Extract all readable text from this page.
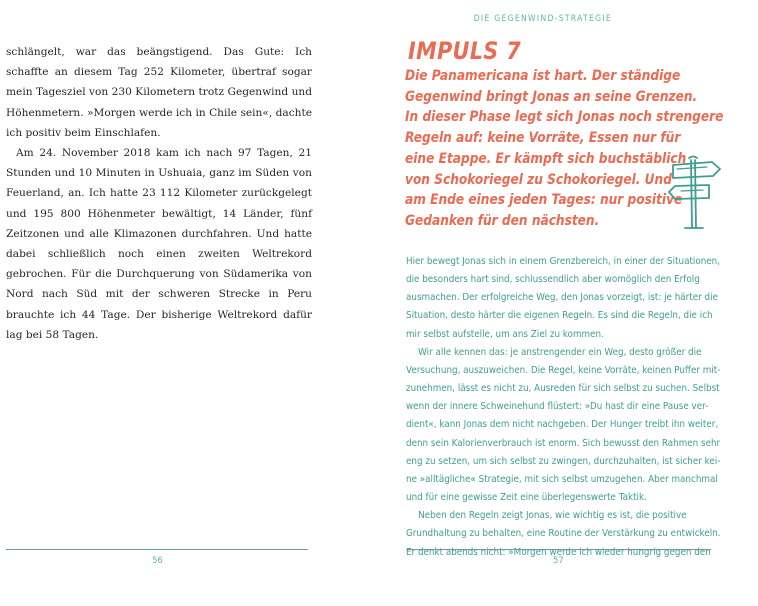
DIE GEGENWIND-STRATEGIE

schlängelt, war das beängstigend. Das Gute: Ich schaffte an diesem Tag 252 Kilometer, übertraf sogar mein Tagesziel von 230 Kilometern trotz Gegenwind und Höhenmetern. »Morgen werde ich in Chile sein«, dachte ich positiv beim Einschlafen.

Am 24. November 2018 kam ich nach 97 Tagen, 21 Stunden und 10 Minuten in Ushuaia, ganz im Süden von Feuerland, an. Ich hatte 23 112 Kilometer zurückgelegt und 195 800 Höhenmeter bewältigt, 14 Länder, fünf Zeitzonen und alle Klimazonen durchfahren. Und hatte dabei schließlich noch einen zweiten Weltrekord gebrochen. Für die Durchquerung von Südamerika von Nord nach Süd mit der schweren Strecke in Peru brauchte ich 44 Tage. Der bisherige Weltrekord dafür lag bei 58 Tagen.

IMPULS 7
Die Panamericana ist hart. Der ständige
Gegenwind bringt Jonas an seine Grenzen.
In dieser Phase legt sich Jonas noch strengere
Regeln auf: keine Vorräte, Essen nur für
eine Etappe. Er kämpft sich buchstäblich
von Schokoriegel zu Schokoriegel. Und
am Ende eines jeden Tages: nur positive
Gedanken für den nächsten.
Hier bewegt Jonas sich in einem Grenzbereich, in einer der Situationen,
die besonders hart sind, schlussendlich aber womöglich den Erfolg
ausmachen. Der erfolgreiche Weg, den Jonas vorzeigt, ist: je härter die
Situation, desto härter die eigenen Regeln. Es sind die Regeln, die ich
mir selbst aufstelle, um ans Ziel zu kommen.
Wir alle kennen das: je anstrengender ein Weg, desto größer die
Versuchung, auszuweichen. Die Regel, keine Vorräte, keinen Puffer mit-
zunehmen, lässt es nicht zu, Ausreden für sich selbst zu suchen. Selbst
wenn der innere Schweinehund flüstert: »Du hast dir eine Pause ver-
dient«, kann Jonas dem nicht nachgeben. Der Hunger treibt ihn weiter,
denn sein Kalorienverbrauch ist enorm. Sich bewusst den Rahmen sehr
eng zu setzen, um sich selbst zu zwingen, durchzuhalten, ist sicher kei-
ne »alltägliche« Strategie, mit sich selbst umzugehen. Aber manchmal
und für eine gewisse Zeit eine überlegenswerte Taktik.
Neben den Regeln zeigt Jonas, wie wichtig es ist, die positive
Grundhaltung zu behalten, eine Routine der Verstärkung zu entwickeln.
Er denkt abends nicht: »Morgen werde ich wieder hungrig gegen den
56	57
